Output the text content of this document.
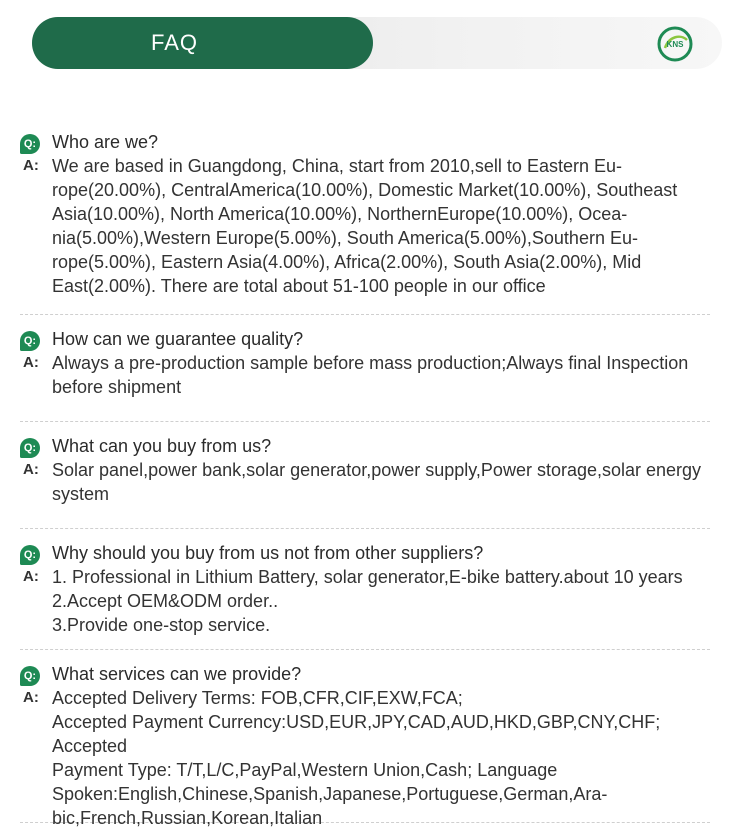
FAQ	KNS
Q: Who are we?
A: We are based in Guangdong, China, start from 2010,sell to Eastern Eu-
rope(20.00%), CentralAmerica(10.00%), Domestic Market(10.00%), Southeast
Asia(10.00%), North America(10.00%), NorthernEurope(10.00%), Ocea-
nia(5.00%),Western Europe(5.00%), South America(5.00%),Southern Eu-
rope(5.00%), Eastern Asia(4.00%), Africa(2.00%), South Asia(2.00%), Mid
East(2.00%). There are total about 51-100 people in our office
Q: How can we guarantee quality?
A: Always a pre-production sample before mass production;Always final Inspection
before shipment
Q: What can you buy from us?
A: Solar panel,power bank,solar generator,power supply,Power storage,solar energy
system
Q: Why should you buy from us not from other suppliers?
A: 1. Professional in Lithium Battery, solar generator,E-bike battery.about 10 years
2.Accept OEM&ODM order..
3.Provide one-stop service.
Q: What services can we provide?
A: Accepted Delivery Terms: FOB,CFR,CIF,EXW,FCA;
Accepted Payment Currency:USD,EUR,JPY,CAD,AUD,HKD,GBP,CNY,CHF; Accepted
Payment Type: T/T,L/C,PayPal,Western Union,Cash; Language
Spoken:English,Chinese,Spanish,Japanese,Portuguese,German,Ara-
bic,French,Russian,Korean,Italian
